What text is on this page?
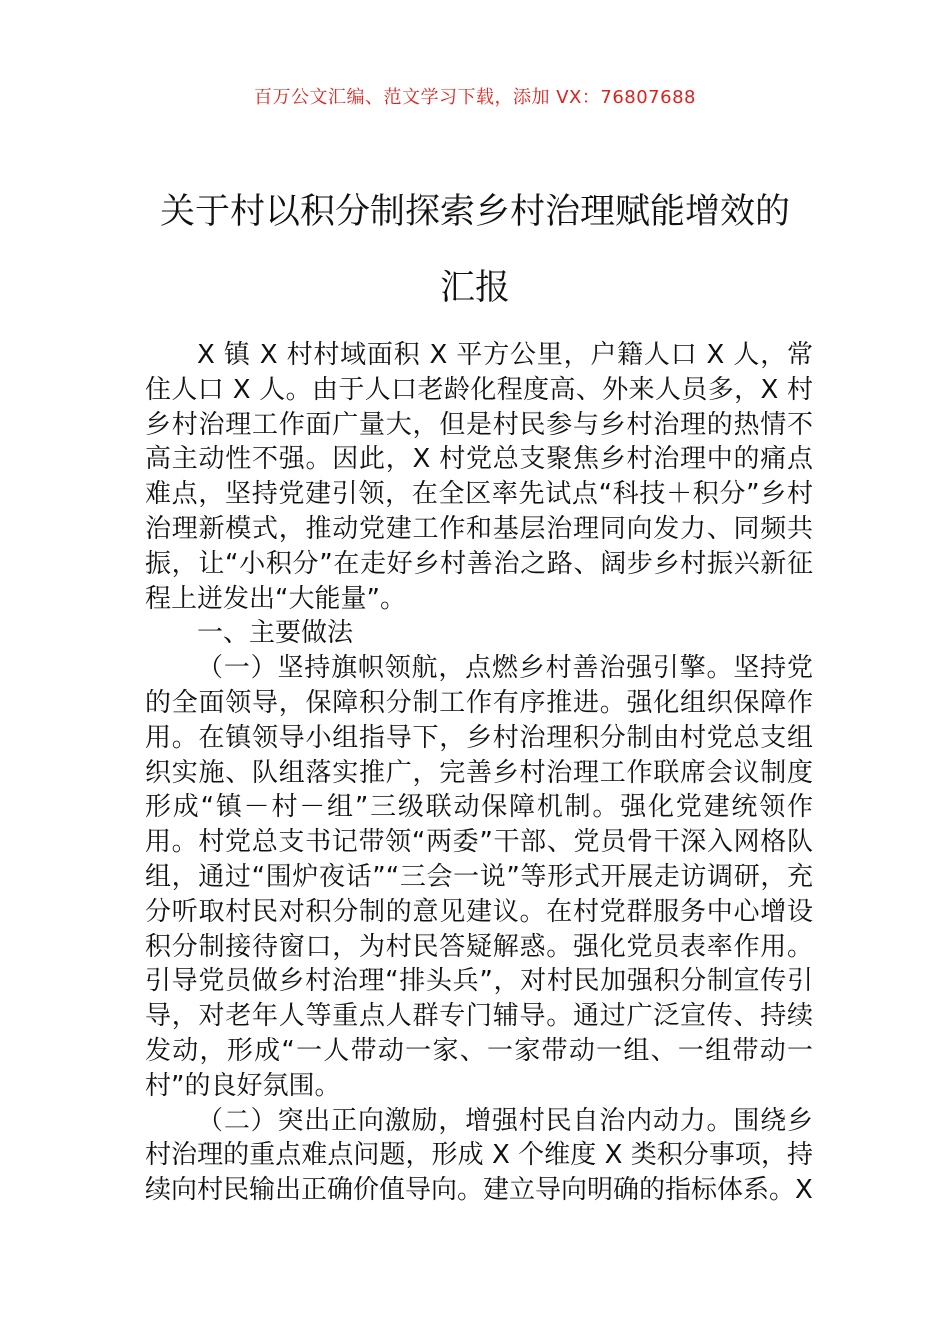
百万公文汇编、范文学习下载，添加 VX：76807688
关于村以积分制探索乡村治理赋能增效的
汇报

X 镇 X 村村域面积 X 平方公里，户籍人口 X 人，常住人口 X 人。由于人口老龄化程度高、外来人员多，X 村乡村治理工作面广量大，但是村民参与乡村治理的热情不高主动性不强。因此，X 村党总支聚焦乡村治理中的痛点难点，坚持党建引领，在全区率先试点“科技＋积分”乡村治理新模式，推动党建工作和基层治理同向发力、同频共振，让“小积分”在走好乡村善治之路、阔步乡村振兴新征程上迸发出“大能量”。

一、主要做法

（一）坚持旗帜领航，点燃乡村善治强引擎。坚持党的全面领导，保障积分制工作有序推进。强化组织保障作用。在镇领导小组指导下，乡村治理积分制由村党总支组织实施、队组落实推广，完善乡村治理工作联席会议制度形成“镇－村－组”三级联动保障机制。强化党建统领作用。村党总支书记带领“两委”干部、党员骨干深入网格队组，通过“围炉夜话”“三会一说”等形式开展走访调研，充分听取村民对积分制的意见建议。在村党群服务中心增设积分制接待窗口，为村民答疑解惑。强化党员表率作用。引导党员做乡村治理“排头兵”，对村民加强积分制宣传引导，对老年人等重点人群专门辅导。通过广泛宣传、持续发动，形成“一人带动一家、一家带动一组、一组带动一村”的良好氛围。

（二）突出正向激励，增强村民自治内动力。围绕乡村治理的重点难点问题，形成 X 个维度 X 类积分事项，持续向村民输出正确价值导向。建立导向明确的指标体系。X
